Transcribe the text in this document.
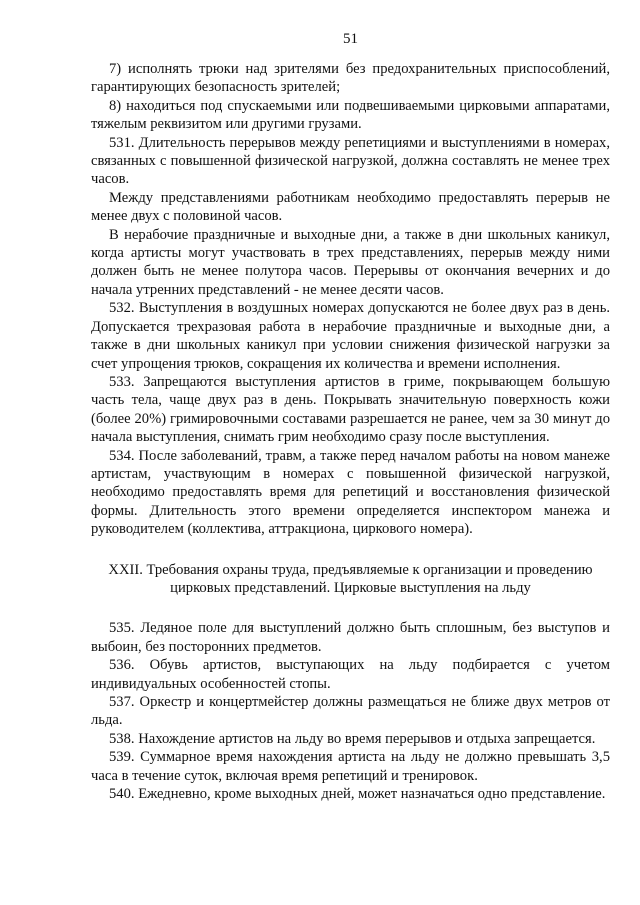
51

7) исполнять трюки над зрителями без предохранительных приспособлений, гарантирующих безопасность зрителей;

8) находиться под спускаемыми или подвешиваемыми цирковыми аппаратами, тяжелым реквизитом или другими грузами.

531. Длительность перерывов между репетициями и выступлениями в номерах, связанных с повышенной физической нагрузкой, должна составлять не менее трех часов.

Между представлениями работникам необходимо предоставлять перерыв не менее двух с половиной часов.

В нерабочие праздничные и выходные дни, а также в дни школьных каникул, когда артисты могут участвовать в трех представлениях, перерыв между ними должен быть не менее полутора часов. Перерывы от окончания вечерних и до начала утренних представлений - не менее десяти часов.

532. Выступления в воздушных номерах допускаются не более двух раз в день. Допускается трехразовая работа в нерабочие праздничные и выходные дни, а также в дни школьных каникул при условии снижения физической нагрузки за счет упрощения трюков, сокращения их количества и времени исполнения.

533. Запрещаются выступления артистов в гриме, покрывающем большую часть тела, чаще двух раз в день. Покрывать значительную поверхность кожи (более 20%) гримировочными составами разрешается не ранее, чем за 30 минут до начала выступления, снимать грим необходимо сразу после выступления.

534. После заболеваний, травм, а также перед началом работы на новом манеже артистам, участвующим в номерах с повышенной физической нагрузкой, необходимо предоставлять время для репетиций и восстановления физической формы. Длительность этого времени определяется инспектором манежа и руководителем (коллектива, аттракциона, циркового номера).

XXII. Требования охраны труда, предъявляемые к организации и проведению
цирковых представлений. Цирковые выступления на льду

535. Ледяное поле для выступлений должно быть сплошным, без выступов и выбоин, без посторонних предметов.

536. Обувь артистов, выступающих на льду подбирается с учетом индивидуальных особенностей стопы.

537. Оркестр и концертмейстер должны размещаться не ближе двух метров от льда.

538. Нахождение артистов на льду во время перерывов и отдыха запрещается.

539. Суммарное время нахождения артиста на льду не должно превышать 3,5 часа в течение суток, включая время репетиций и тренировок.

540. Ежедневно, кроме выходных дней, может назначаться одно представление.
